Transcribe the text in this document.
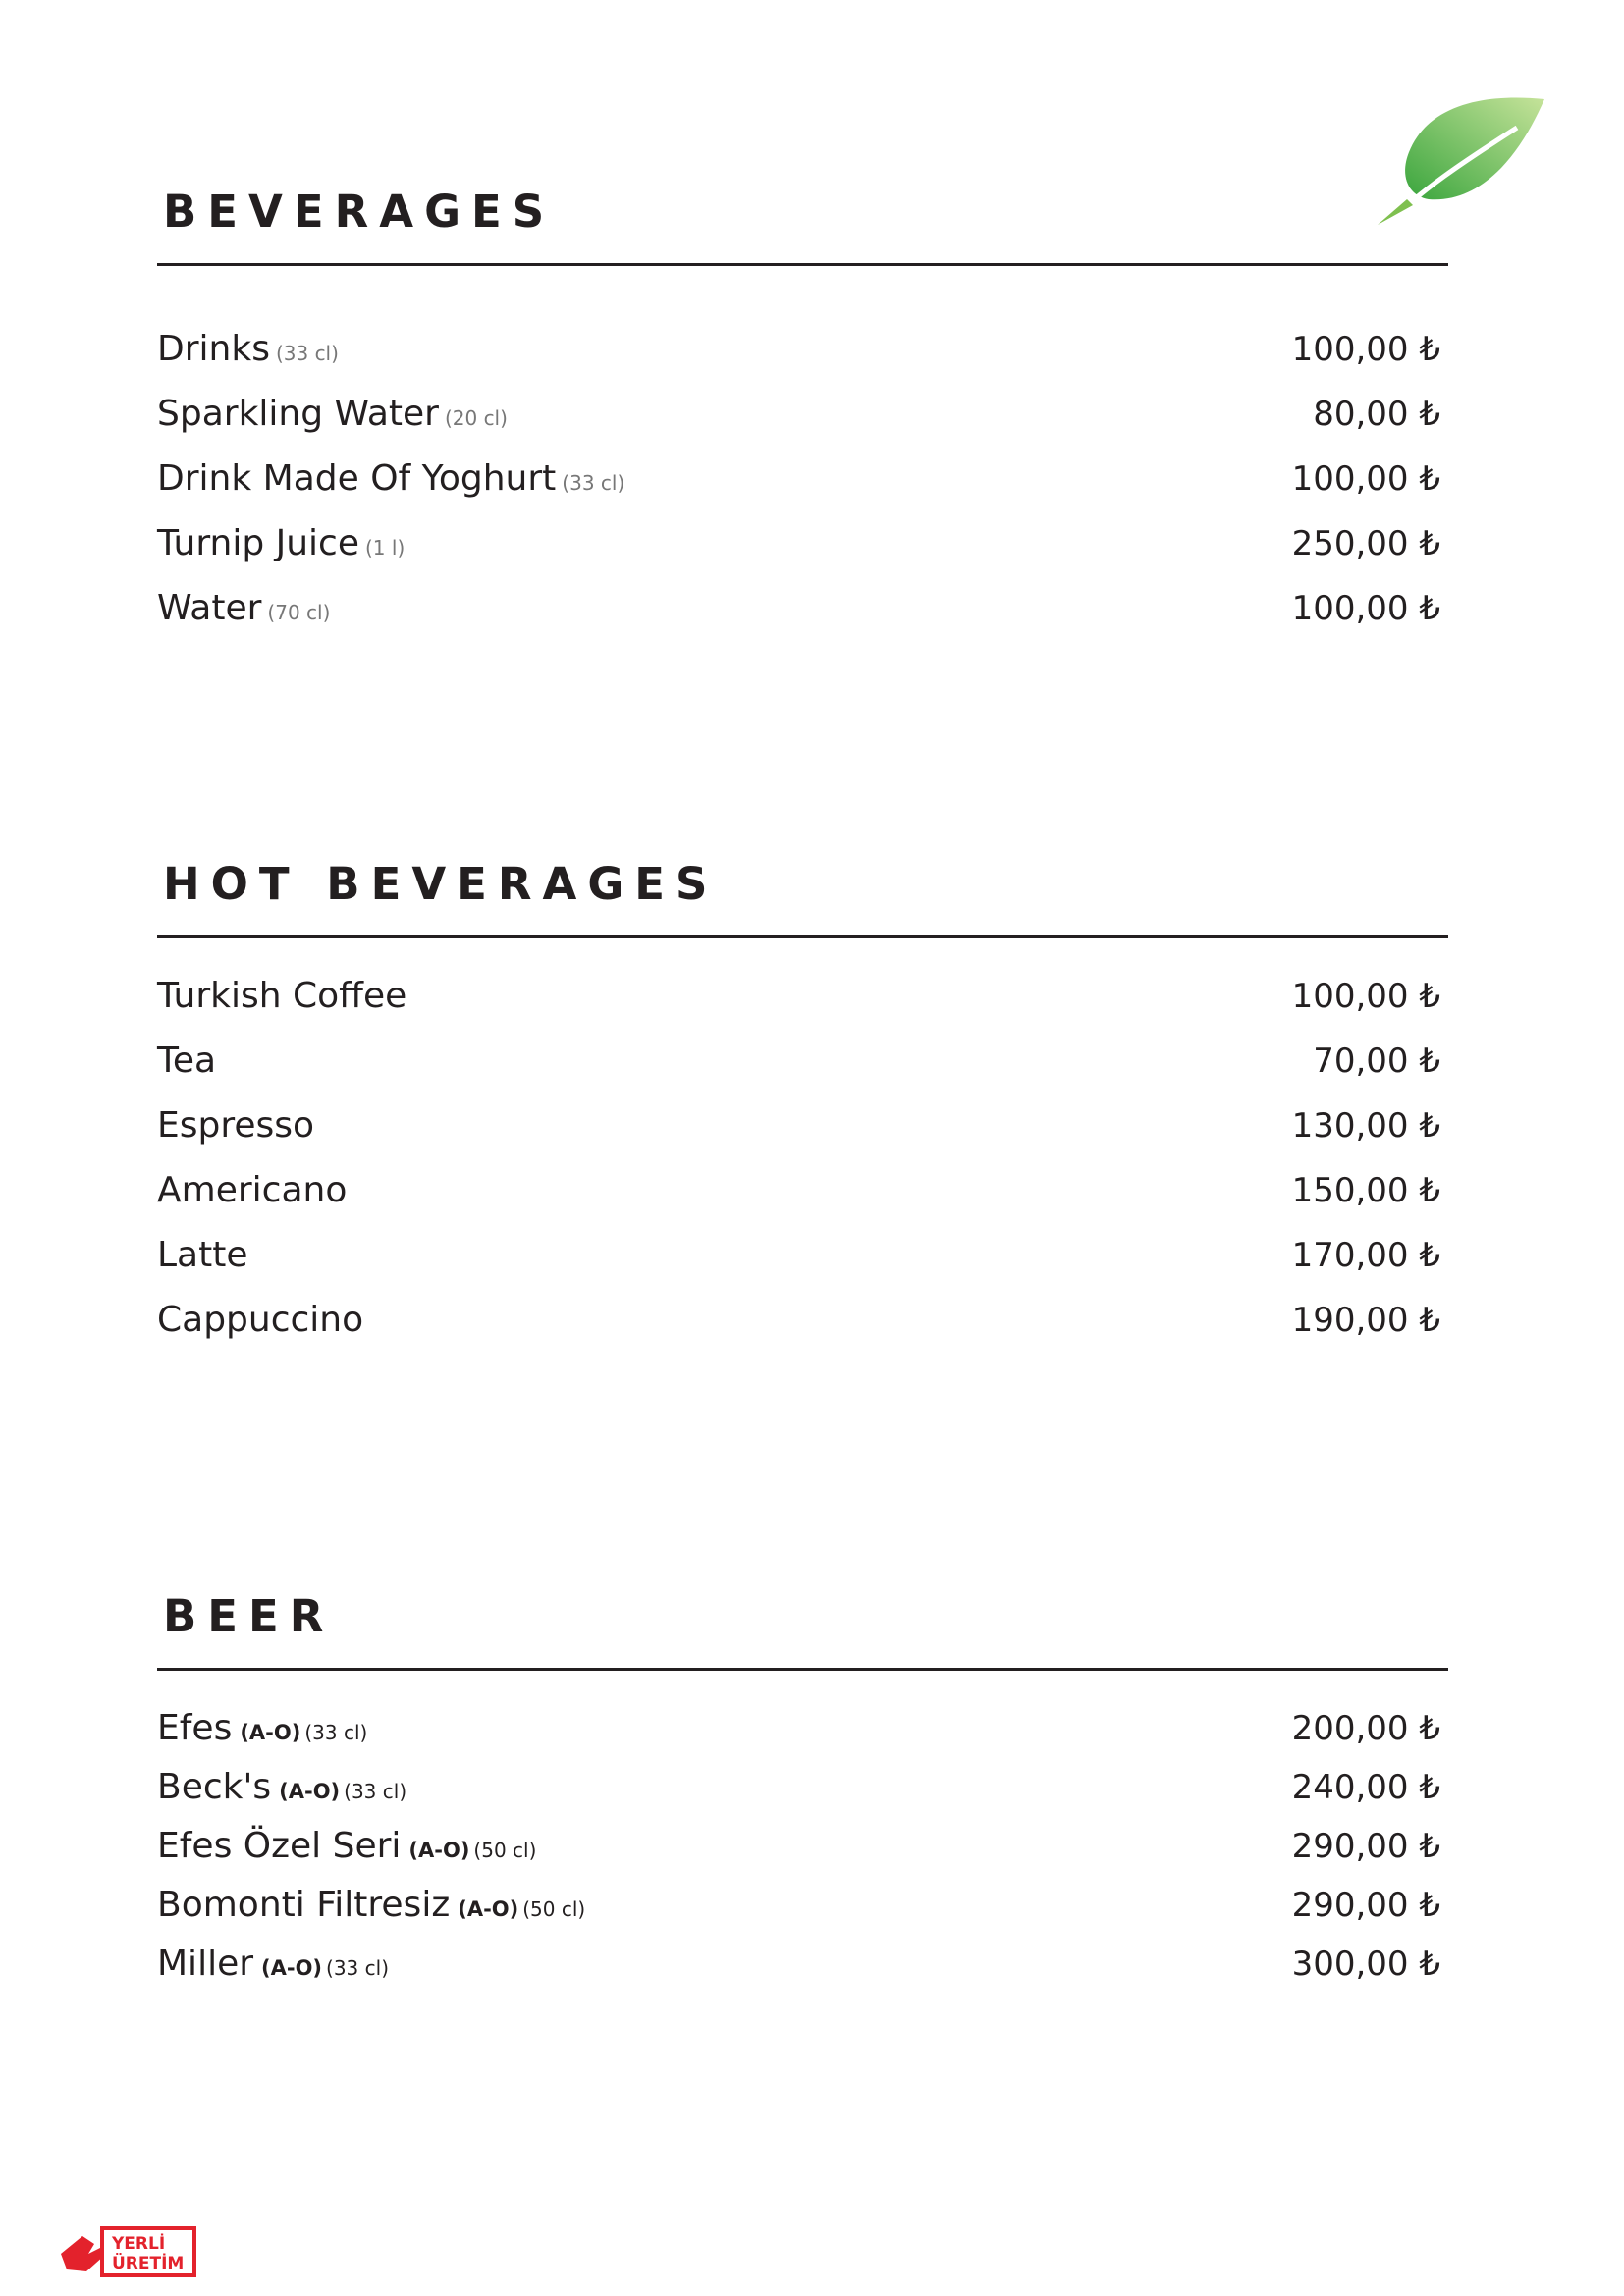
BEVERAGES
Drinks (33 cl)	100,00 ₺
Sparkling Water (20 cl)	80,00 ₺
Drink Made Of Yoghurt (33 cl)	100,00 ₺
Turnip Juice (1 l)	250,00 ₺
Water (70 cl)	100,00 ₺
HOT BEVERAGES
Turkish Coffee	100,00 ₺
Tea	70,00 ₺
Espresso	130,00 ₺
Americano	150,00 ₺
Latte	170,00 ₺
Cappuccino	190,00 ₺
BEER
Efes (A-O) (33 cl)	200,00 ₺
Beck's (A-O) (33 cl)	240,00 ₺
Efes Özel Seri (A-O) (50 cl)	290,00 ₺
Bomonti Filtresiz (A-O) (50 cl)	290,00 ₺
Miller (A-O) (33 cl)	300,00 ₺
YERLİ
ÜRETİM
